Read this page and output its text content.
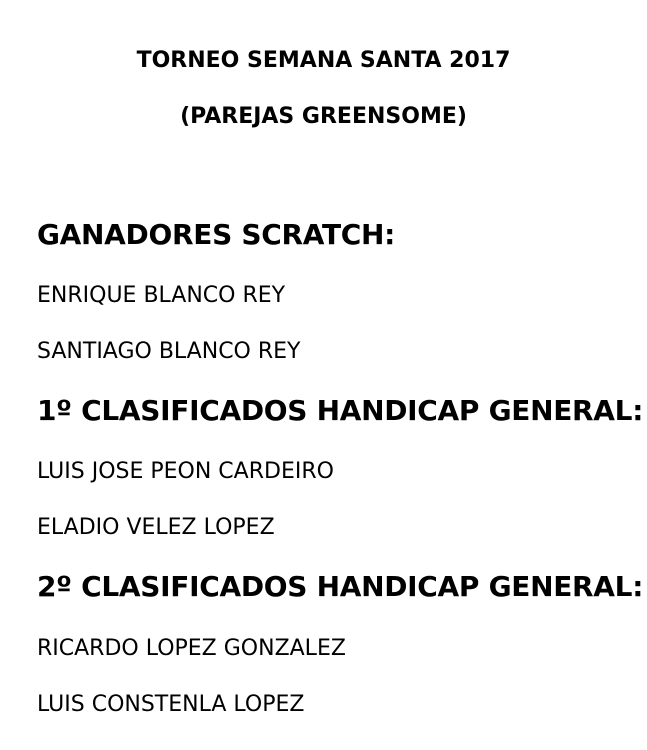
TORNEO SEMANA SANTA 2017
(PAREJAS GREENSOME)
GANADORES SCRATCH:
ENRIQUE BLANCO REY
SANTIAGO BLANCO REY
1º CLASIFICADOS HANDICAP GENERAL:
LUIS JOSE PEON CARDEIRO
ELADIO VELEZ LOPEZ
2º CLASIFICADOS HANDICAP GENERAL:
RICARDO LOPEZ GONZALEZ
LUIS CONSTENLA LOPEZ
